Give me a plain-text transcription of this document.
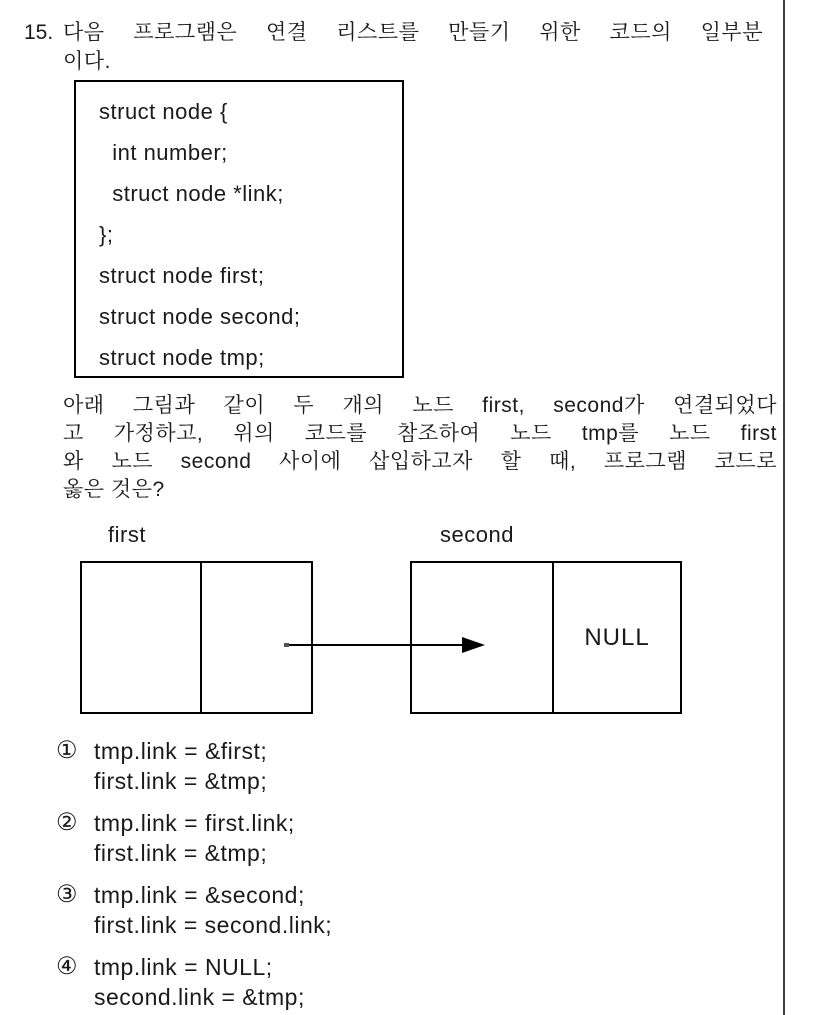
15. 다음 프로그램은 연결 리스트를 만들기 위한 코드의 일부분
이다.
struct node {
int number;
struct node *link;
};
struct node first;
struct node second;
struct node tmp;
아래 그림과 같이 두 개의 노드 first, second가 연결되었다
고 가정하고, 위의 코드를 참조하여 노드 tmp를 노드 first
와 노드 second 사이에 삽입하고자 할 때, 프로그램 코드로
옳은 것은?
first	second
NULL
① tmp.link = &first;
first.link = &tmp;
② tmp.link = first.link;
first.link = &tmp;
③ tmp.link = &second;
first.link = second.link;
④ tmp.link = NULL;
second.link = &tmp;
